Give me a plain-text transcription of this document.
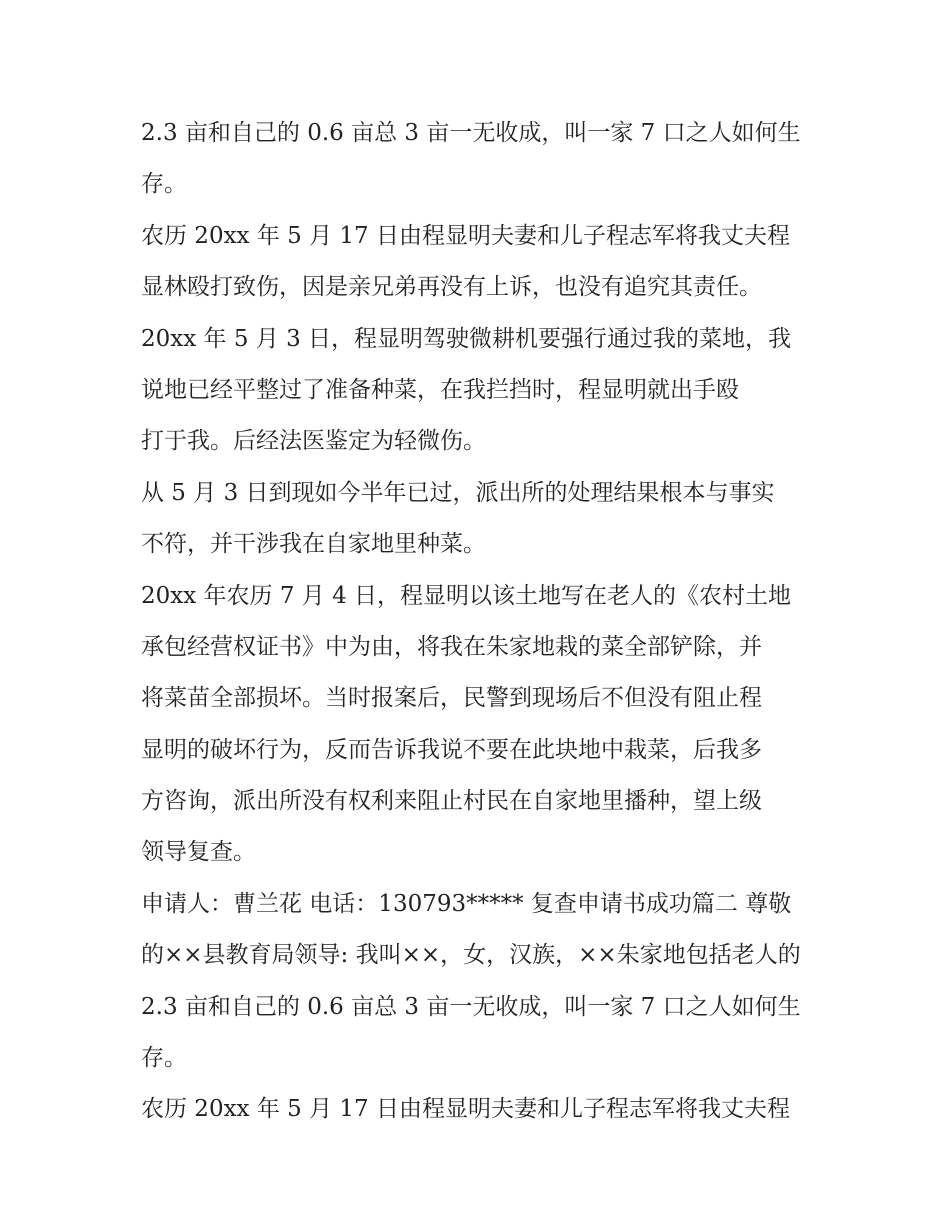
2.3 亩和自己的 0.6 亩总 3 亩一无收成，叫一家 7 口之人如何生
存。
农历 20xx 年 5 月 17 日由程显明夫妻和儿子程志军将我丈夫程
显林殴打致伤，因是亲兄弟再没有上诉，也没有追究其责任。
20xx 年 5 月 3 日，程显明驾驶微耕机要强行通过我的菜地，我
说地已经平整过了准备种菜，在我拦挡时，程显明就出手殴
打于我。后经法医鉴定为轻微伤。
从 5 月 3 日到现如今半年已过，派出所的处理结果根本与事实
不符，并干涉我在自家地里种菜。
20xx 年农历 7 月 4 日，程显明以该土地写在老人的《农村土地
承包经营权证书》中为由，将我在朱家地栽的菜全部铲除，并
将菜苗全部损坏。当时报案后，民警到现场后不但没有阻止程
显明的破坏行为，反而告诉我说不要在此块地中栽菜，后我多
方咨询，派出所没有权利来阻止村民在自家地里播种，望上级
领导复查。
申请人：曹兰花 电话：130793***** 复查申请书成功篇二 尊敬
的××县教育局领导: 我叫××，女，汉族，××朱家地包括老人的
2.3 亩和自己的 0.6 亩总 3 亩一无收成，叫一家 7 口之人如何生
存。
农历 20xx 年 5 月 17 日由程显明夫妻和儿子程志军将我丈夫程
